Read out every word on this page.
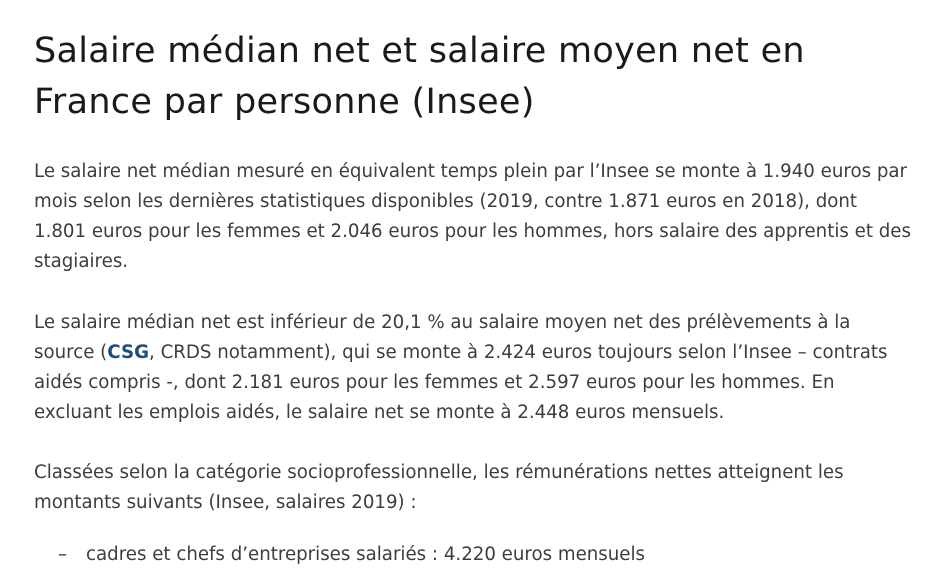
Salaire médian net et salaire moyen net en France par personne (Insee)

Le salaire net médian mesuré en équivalent temps plein par l’Insee se monte à 1.940 euros par mois selon les dernières statistiques disponibles (2019, contre 1.871 euros en 2018), dont 1.801 euros pour les femmes et 2.046 euros pour les hommes, hors salaire des apprentis et des stagiaires.

Le salaire médian net est inférieur de 20,1 % au salaire moyen net des prélèvements à la source (CSG, CRDS notamment), qui se monte à 2.424 euros toujours selon l’Insee – contrats aidés compris -, dont 2.181 euros pour les femmes et 2.597 euros pour les hommes. En excluant les emplois aidés, le salaire net se monte à 2.448 euros mensuels.

Classées selon la catégorie socioprofessionnelle, les rémunérations nettes atteignent les montants suivants (Insee, salaires 2019) :

– cadres et chefs d’entreprises salariés : 4.220 euros mensuels
